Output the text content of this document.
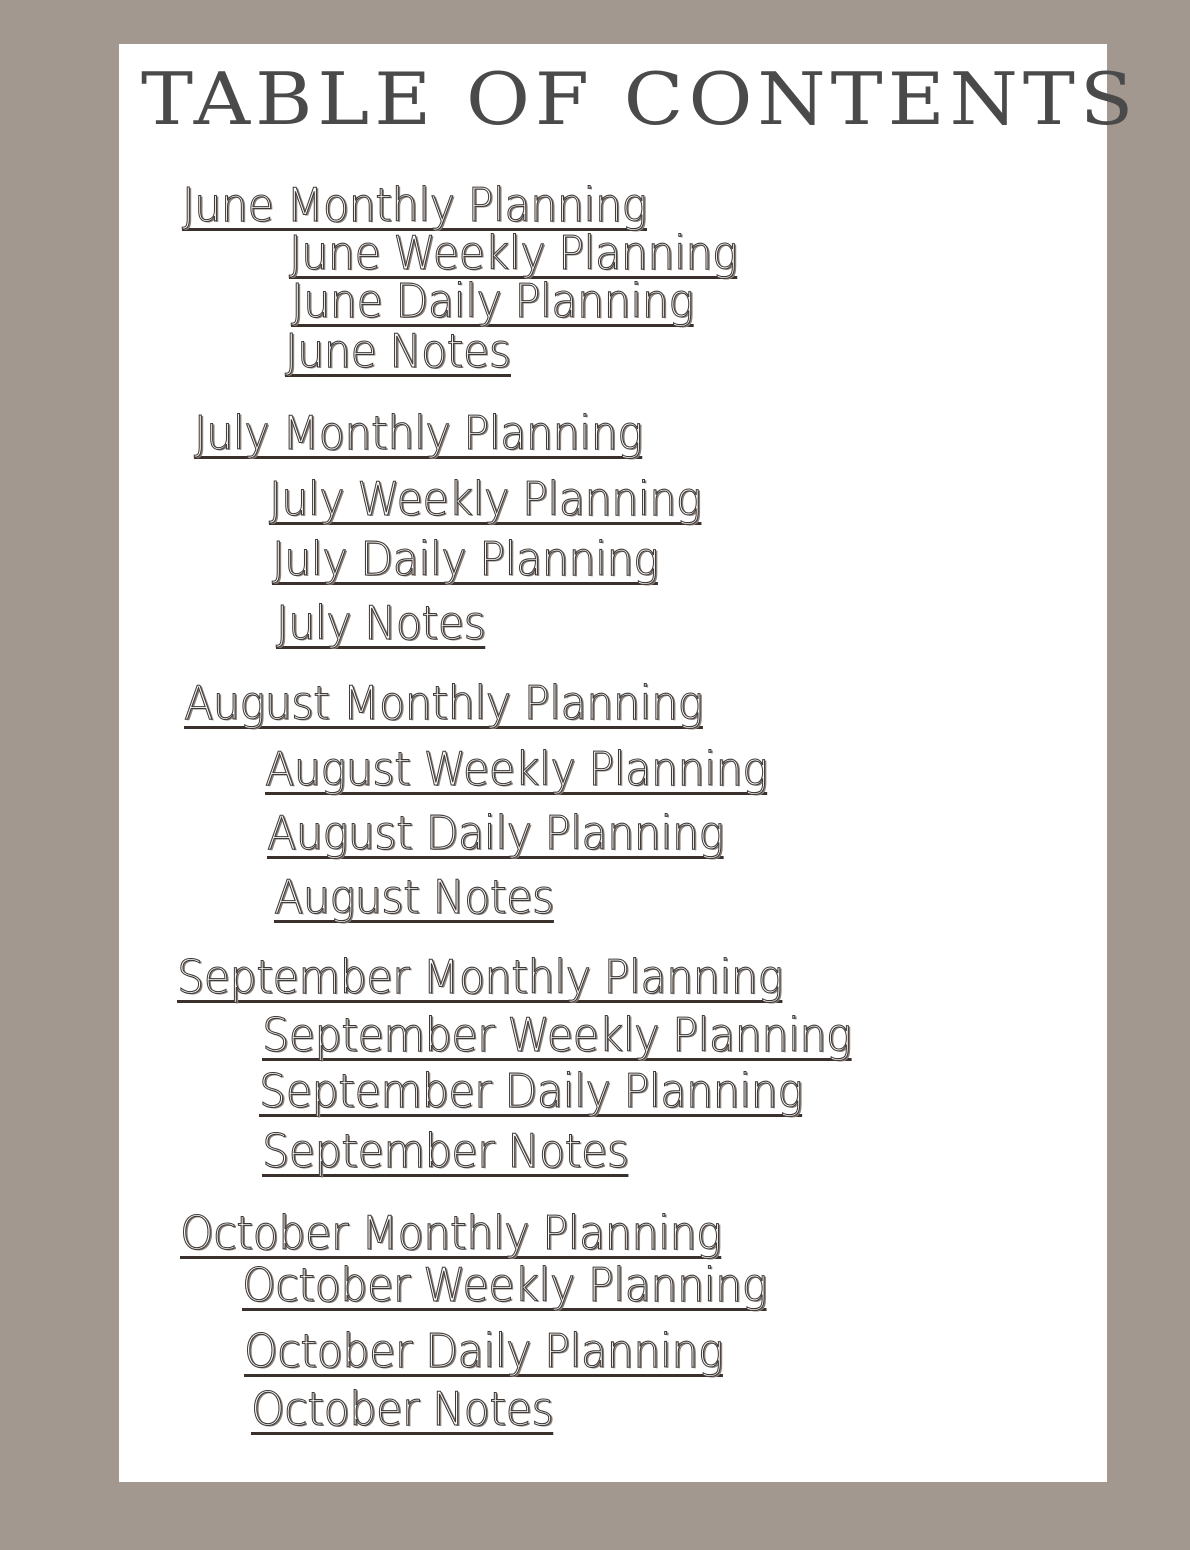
TABLE OF CONTENTS
June Monthly Planning
June Weekly Planning
June Daily Planning
June Notes
July Monthly Planning
July Weekly Planning
July Daily Planning
July Notes
August Monthly Planning
August Weekly Planning
August Daily Planning
August Notes
September Monthly Planning
September Weekly Planning
September Daily Planning
September Notes
October Monthly Planning
October Weekly Planning
October Daily Planning
October Notes
